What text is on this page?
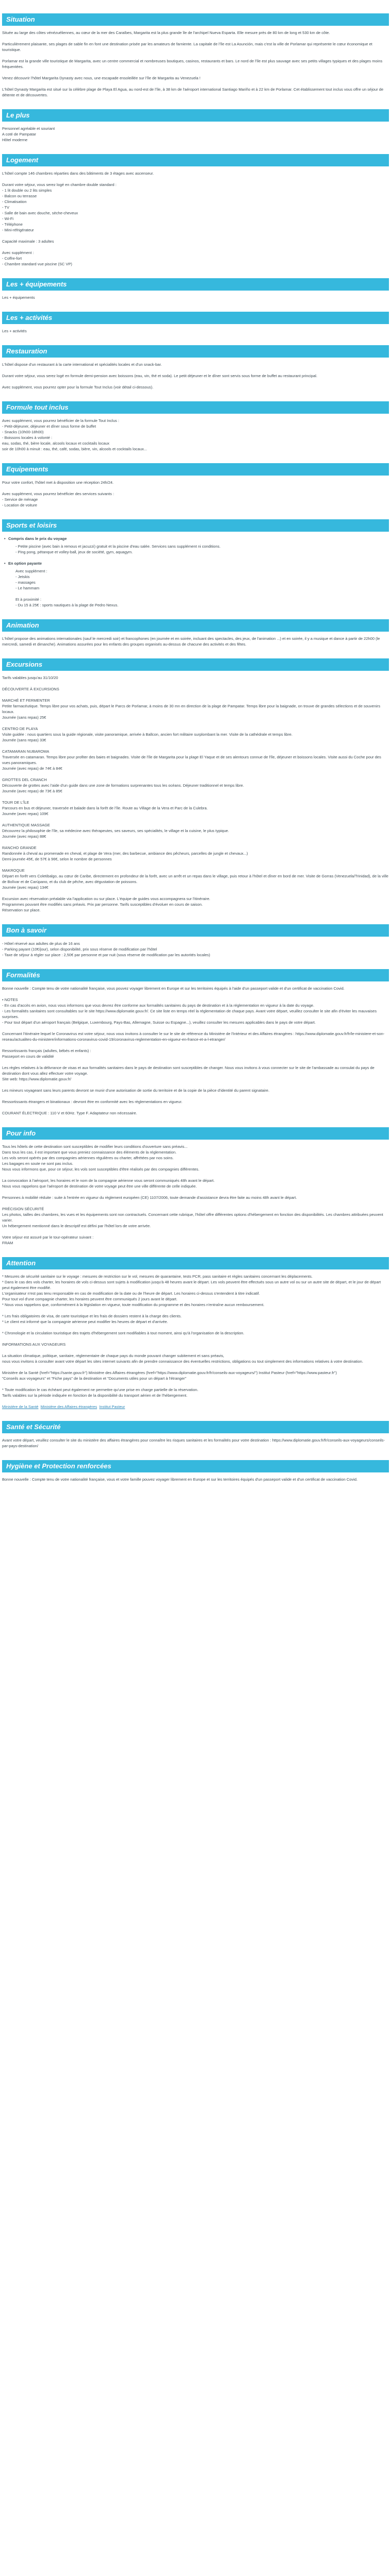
Situation

Située au large des côtes vénézuéliennes, au cœur de la mer des Caraïbes, Margarita est la plus grande île de l'archipel Nueva Esparta. Elle mesure près de 80 km de long et 530 km de côte.

Particulièrement plaisante, ses plages de sable fin en font une destination prisée par les amateurs de farniente. La capitale de l'île est La Asunción, mais c'est la ville de Porlamar qui représente le cœur économique et touristique.

Porlamar est la grande ville touristique de Margarita, avec un centre commercial et nombreuses boutiques, casinos, restaurants et bars. Le nord de l'île est plus sauvage avec ses petits villages typiques et des plages moins fréquentées.

Venez découvrir l'hôtel Margarita Dynasty avec nous, une escapade ensoleillée sur l'île de Margarita au Venezuela !

L'hôtel Dynasty Margarita est situé sur la célèbre plage de Playa El Agua, au nord-est de l'île, à 38 km de l'aéroport international Santiago Mariño et à 22 km de Porlamar. Cet établissement tout inclus vous offre un séjour de détente et de découvertes.

Le plus

Personnel agréable et souriant
A coté de Pampatar
Hôtel moderne

Logement

L'hôtel compte 146 chambres réparties dans des bâtiments de 3 étages avec ascenseur.

Durant votre séjour, vous serez logé en chambre double standard :
- 1 lit double ou 2 lits simples
- Balcon ou terrasse
- Climatisation
- TV
- Salle de bain avec douche, sèche-cheveux
- Wi-Fi
- Téléphone
- Mini-réfrigérateur

Capacité maximale : 3 adultes

Avec supplément :
- Coffre-fort
- Chambre standard vue piscine (SC VP)

Les + équipements

Les + équipements

Les + activités

Les + activités

Restauration

L'hôtel dispose d'un restaurant à la carte international et spécialités locales et d'un snack-bar.

Durant votre séjour, vous serez logé en formule demi-pension avec boissons (eau, vin, thé et soda). Le petit déjeuner et le dîner sont servis sous forme de buffet au restaurant principal.

Avec supplément, vous pourrez opter pour la formule Tout Inclus (voir détail ci-dessous).

Formule tout inclus

Avec supplément, vous pourrez bénéficier de la formule Tout Inclus :
- Petit-déjeuner, déjeuner et dîner sous forme de buffet
- Snacks (10h00-18h00)
- Boissons locales à volonté :
eau, sodas, thé, bière locale, alcools locaux et cocktails locaux
soir de 10h00 à minuit : eau, thé, café, sodas, bière, vin, alcools et cocktails locaux...

Equipements

Pour votre confort, l'hôtel met à disposition une réception 24h/24.

Avec supplément, vous pourrez bénéficier des services suivants :
- Service de ménage
- Location de voiture

Sports et loisirs
• Compris dans le prix du voyage

- Petite piscine (avec bain à remous et jacuzzi) gratuit et la piscine d'eau salée. Services sans supplément ni conditions.
- Ping pong, pétanque et volley-ball, jeux de société, gym, aquagym.

• En option payante

Avec supplément :
- Jetskis
- massages
- Le hammam

Et à proximité :
- Du 15 à 25€ : sports nautiques à la plage de Pedro Nexus.

Animation

L'hôtel propose des animations internationales (sauf le mercredi soir) et francophones (en journée et en soirée, incluant des spectacles, des jeux, de l'animation ...) et en soirée, il y a musique et dance à partir de 22h00 (le mercredi, samedi et dimanche). Animations assurées pour les enfants des groupes organisés au-dessus de chacune des activités et des fêtes.

Excursions

Tarifs valables jusqu'au 31/10/20

DÉCOUVERTE À EXCURSIONS

MARCHÉ ET FERMENTER
Petite farmacéutique. Temps libre pour vos achats, puis, départ le Parcs de Porlamar, à moins de 30 mn en direction de la plage de Pampatar. Temps libre pour la baignade, on trouve de grandes sélections et de souvenirs locaux.
Journée (sans repas) 25€

CENTRO DE PLAYA
Visite guidée : nous quartiers sous la guide régionale, visite panoramique, arrivée à Ballcon, ancien fort militaire surplombant la mer. Visite de la cathédrale et temps libre.
Journée (sans repas) 33€

CATAMARAN NUBAROMA
Traversée en catamaran. Temps libre pour profiter des baies et baignades. Visite de l'île de Margarita pour la plage El Yaque et de ses alentours connue de l'île, déjeuner et boissons locales. Visite aussi du Coche pour des vues panoramiques.
Journée (avec repas) de 74€ à 84€

GROTTES DEL CRANCH
Découverte de grottes avec l'aide d'un guide dans une zone de formations surprenantes tous les océans. Déjeuner traditionnel et temps libre.
Journée (avec repas) de 73€ à 85€

TOUR DE L'ÎLE
Parcours en bus et déjeuner, traversée et balade dans la forêt de l'île. Route au Village de la Vera et Parc de la Culebra.
Journée (avec repas) 109€

AUTHENTIQUE MASSAGE
Découvrez la philosophie de l'île, sa médecine avec thérapeutes, ses saveurs, ses spécialités, le village et la cuisine, le plus typique.
Journée (avec repas) 88€

RANCHO GRANDE
Randonnée à cheval au promenade en cheval, et plage de Vera (mer, des barbecue, ambiance des pêcheurs, parcelles de jungle et chevaux...)
Demi-journée 45€, de 57€ à 96€, selon le nombre de personnes

MAKROQUE
Départ en forêt vers Coletibalgo, au cœur de Caribe, directement en profondeur de la forêt, avec un arrêt et un repas dans le village, puis retour à l'hôtel et dîner en bord de mer. Visite de Gorras (Venezuela/Trinidad), de la ville de Bolívar et de Carúpano, et du club de pêche, avec dégustation de poissons.
Journée (avec repas) 134€

Excursion avec réservation préalable via l'application ou sur place. L'équipe de guides vous accompagnera sur l'itinéraire.
Programmes pouvant être modifiés sans préavis. Prix par personne. Tarifs susceptibles d'évoluer en cours de saison.
Réservation sur place.

Bon à savoir

- Hôtel réservé aux adultes de plus de 16 ans
- Parking payant (10€/jour), selon disponibilité, prix sous réserve de modification par l'hôtel
- Taxe de séjour à régler sur place : 2,50€ par personne et par nuit (sous réserve de modification par les autorités locales)

Formalités

Bonne nouvelle : Compte tenu de votre nationalité française, vous pouvez voyager librement en Europe et sur les territoires équipés à l'aide d'un passeport valide et d'un certificat de vaccination Covid.

• NOTES
- En cas d'accès en avion, nous vous informons que vous devrez être conforme aux formalités sanitaires du pays de destination et à la réglementation en vigueur à la date du voyage.
- Les formalités sanitaires sont consultables sur le site https://www.diplomatie.gouv.fr/. Ce site liste en temps réel la réglementation de chaque pays. Avant votre départ, veuillez consulter le site afin d'éviter les mauvaises surprises.
- Pour tout départ d'un aéroport français (Belgique, Luxembourg, Pays-Bas, Allemagne, Suisse ou Espagne...), veuillez consulter les mesures applicables dans le pays de votre départ.

Concernant l'itinéraire lequel le Coronavirus est votre séjour, nous vous invitons à consulter le sur le site de référence du Ministère de l'Intérieur et des Affaires étrangères : https://www.diplomatie.gouv.fr/fr/le-ministere-et-son-reseau/actualites-du-ministere/informations-coronavirus-covid-19/coronavirus-reglementation-en-vigueur-en-france-et-a-l-etranger/

Ressortissants français (adultes, bébés et enfants) :
Passeport en cours de validité

Les règles relatives à la délivrance de visas et aux formalités sanitaires dans le pays de destination sont susceptibles de changer. Nous vous invitons à vous connecter sur le site de l'ambassade au consulat du pays de destination dont vous allez effectuer votre voyage.
Site web: https://www.diplomatie.gouv.fr/

Les mineurs voyageant sans leurs parents devront se munir d'une autorisation de sortie du territoire et de la copie de la pièce d'identité du parent signataire.

Ressortissants étrangers et binationaux : devront être en conformité avec les règlementations en vigueur.

COURANT ÉLECTRIQUE : 110 V et 60Hz. Type F. Adaptateur non nécessaire.

Pour info

Tous les hôtels de cette destination sont susceptibles de modifier leurs conditions d'ouverture sans préavis...
Dans tous les cas, il est important que vous preniez connaissance des éléments de la réglementation.
Les vols seront opérés par des compagnies aériennes régulières ou charter, affrétées par nos soins.
Les bagages en soute ne sont pas inclus.
Nous vous informons que, pour ce séjour, les vols sont susceptibles d'être réalisés par des compagnies différentes.

La convocation à l'aéroport, les horaires et le nom de la compagnie aérienne vous seront communiqués 48h avant le départ.
Nous vous rappelons que l'aéroport de destination de votre voyage peut être une ville différente de celle indiquée.

Personnes à mobilité réduite : suite à l'entrée en vigueur du règlement européen (CE) 1107/2006, toute demande d'assistance devra être faite au moins 48h avant le départ.

PRÉCISION SÉCURITÉ
Les photos, tailles des chambres, les vues et les équipements sont non contractuels. Concernant cette rubrique, l'hôtel offre différentes options d'hébergement en fonction des disponibilités. Les chambres attribuées peuvent varier.
Un hébergement mentionné dans le descriptif est défini par l'hôtel lors de votre arrivée.

Votre séjour est assuré par le tour-opérateur suivant :
FRAM

Attention

* Mesures de sécurité sanitaire sur le voyage : mesures de restriction sur le vol, mesures de quarantaine, tests PCR, pass sanitaire et règles sanitaires concernant les déplacements.
* Dans le cas des vols charter, les horaires de vols ci-dessus sont sujets à modification jusqu'à 48 heures avant le départ. Les vols peuvent être effectués sous un autre vol ou sur un autre site de départ, et le jour de départ peut également être modifié.
L'organisateur n'est pas tenu responsable en cas de modification de la date ou de l'heure de départ. Les horaires ci-dessus s'entendent à titre indicatif.
Pour tout vol d'une compagnie charter, les horaires peuvent être communiqués 2 jours avant le départ.
* Nous vous rappelons que, conformément à la législation en vigueur, toute modification du programme et des horaires n'entraîne aucun remboursement.

* Les frais obligatoires de visa, de carte touristique et les frais de dossiers restent à la charge des clients.
* Le client est informé que la compagnie aérienne peut modifier les heures de départ et d'arrivée.

* Chronologie et la circulation touristique des trajets d'hébergement sont modifiables à tout moment, ainsi qu'à l'organisation de la description.

INFORMATIONS AUX VOYAGEURS

La situation climatique, politique, sanitaire, réglementaire de chaque pays du monde pouvant changer subitement et sans préavis,
nous vous invitons à consulter avant votre départ les sites internet suivants afin de prendre connaissance des éventuelles restrictions, obligations ou tout simplement des informations relatives à votre destination.

Ministère de la Santé (href="https://sante.gouv.fr") Ministère des Affaires étrangères (href="https://www.diplomatie.gouv.fr/fr/conseils-aux-voyageurs/") Institut Pasteur (href="https://www.pasteur.fr")
"Conseils aux voyageurs" et "Fiche pays" de la destination et "Documents utiles pour un départ à l'étranger"

* Toute modification le cas échéant peut également ne permettre qu'une prise en charge partielle de la réservation.
Tarifs valables sur la période indiquée en fonction de la disponibilité du transport aérien et de l'hébergement.

Ministère de la Santé Ministère des Affaires étrangères Institut Pasteur

Santé et Sécurité

Avant votre départ, veuillez consulter le site du ministère des affaires étrangères pour connaître les risques sanitaires et les formalités pour votre destination : https://www.diplomatie.gouv.fr/fr/conseils-aux-voyageurs/conseils-par-pays-destination/

Hygiène et Protection renforcées

Bonne nouvelle : Compte tenu de votre nationalité française, vous et votre famille pouvez voyager librement en Europe et sur les territoires équipés d'un passeport valide et d'un certificat de vaccination Covid.
